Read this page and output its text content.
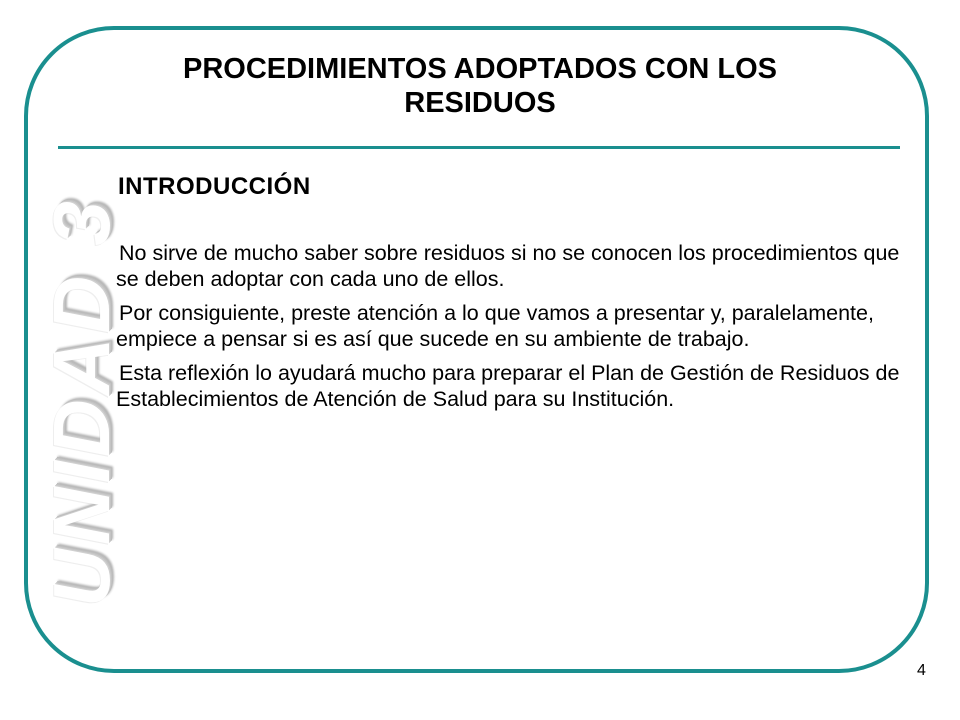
UNIDAD 3
PROCEDIMIENTOS ADOPTADOS CON LOS RESIDUOS
INTRODUCCIÓN

No sirve de mucho saber sobre residuos si no se conocen los procedimientos que se deben adoptar con cada uno de ellos.

Por consiguiente, preste atención a lo que vamos a presentar y, paralelamente, empiece a pensar si es así que sucede en su ambiente de trabajo.

Esta reflexión lo ayudará mucho para preparar el Plan de Gestión de Residuos de Establecimientos de Atención de Salud para su Institución.

4
